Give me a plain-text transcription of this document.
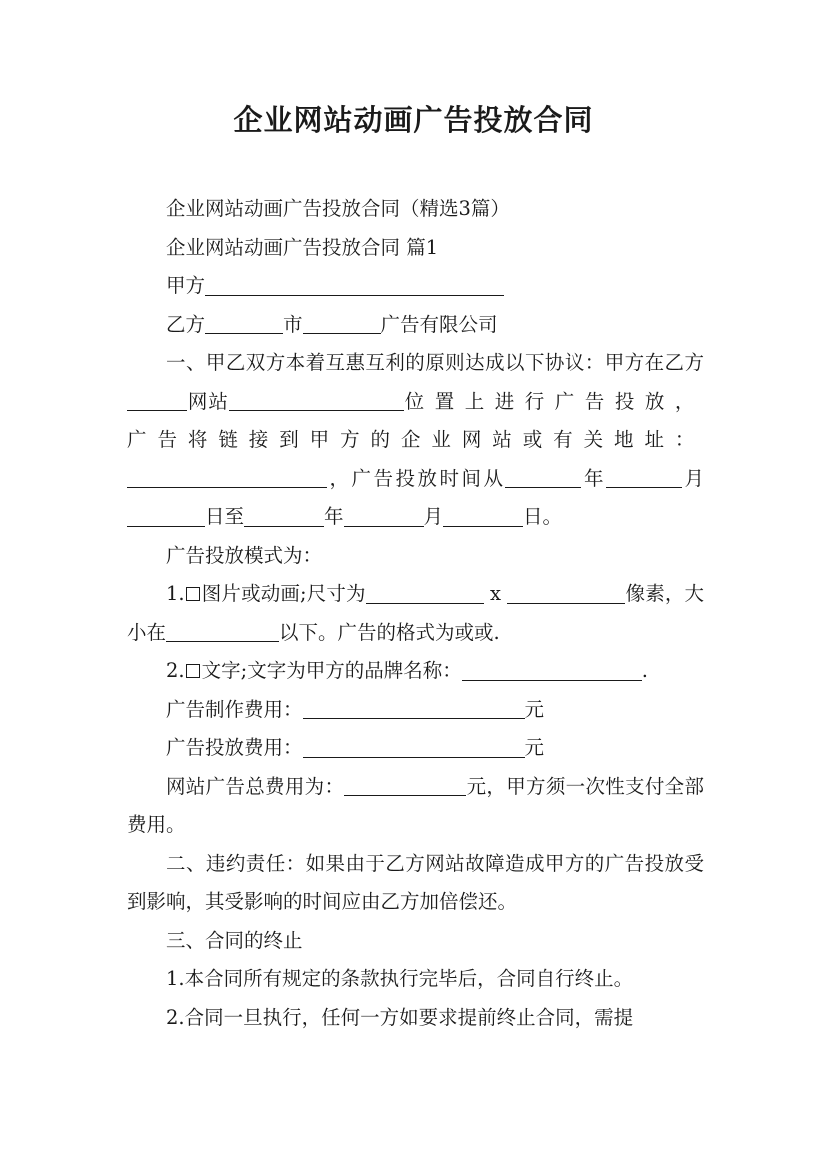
企业网站动画广告投放合同

企业网站动画广告投放合同（精选3篇）

企业网站动画广告投放合同 篇1

甲方

乙方	市	广告有限公司

一、甲乙双方本着互惠互利的原则达成以下协议：甲方在乙方网站	位置上进行广告投放，广告将链接到甲方的企业网站或有关地址：，广告投放时间从	年	月日至	年	月	日。

广告投放模式为：

1. 图片或动画;尺寸为	x	像素，大小在	以下。广告的格式为或或.

2. 文字;文字为甲方的品牌名称：	.

广告制作费用：	元

广告投放费用：	元

网站广告总费用为：	元，甲方须一次性支付全部费用。

二、违约责任：如果由于乙方网站故障造成甲方的广告投放受到影响，其受影响的时间应由乙方加倍偿还。

三、合同的终止

1.本合同所有规定的条款执行完毕后，合同自行终止。

2.合同一旦执行，任何一方如要求提前终止合同，需提
